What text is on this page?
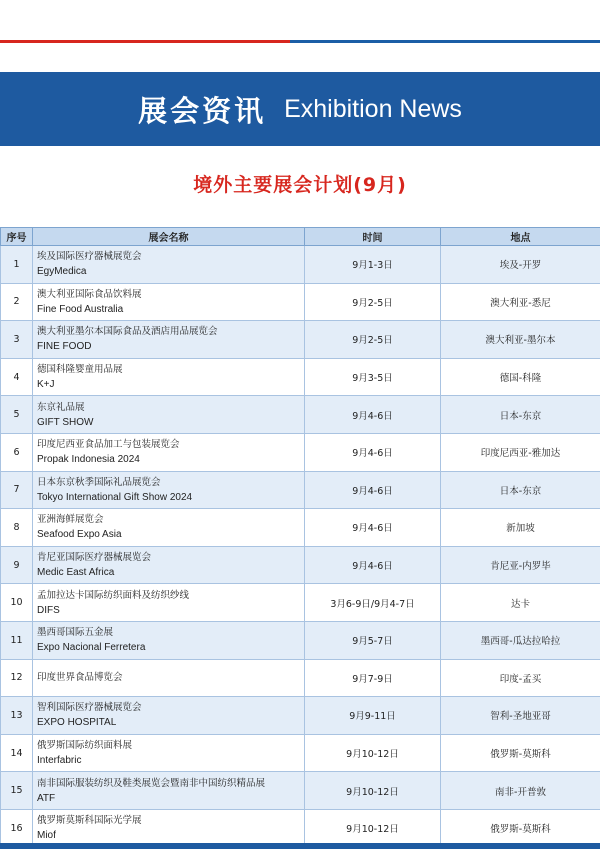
展会资讯 Exhibition News
境外主要展会计划(9月)
序号	展会名称	时间	地点
1	埃及国际医疗器械展览会
EgyMedica	9月1-3日	埃及-开罗
2	澳大利亚国际食品饮料展
Fine Food Australia	9月2-5日	澳大利亚-悉尼
3	澳大利亚墨尔本国际食品及酒店用品展览会
FINE FOOD	9月2-5日	澳大利亚-墨尔本
4	德国科隆婴童用品展
K+J	9月3-5日	德国-科隆
5	东京礼品展
GIFT SHOW	9月4-6日	日本-东京
6	印度尼西亚食品加工与包装展览会
Propak Indonesia 2024	9月4-6日	印度尼西亚-雅加达
7	日本东京秋季国际礼品展览会
Tokyo International Gift Show 2024	9月4-6日	日本-东京
8	亚洲海鲜展览会
Seafood Expo Asia	9月4-6日	新加坡
9	肯尼亚国际医疗器械展览会
Medic East Africa	9月4-6日	肯尼亚-内罗毕
10	孟加拉达卡国际纺织面料及纺织纱线
DIFS	3月6-9日/9月4-7日	达卡
11	墨西哥国际五金展
Expo Nacional Ferretera	9月5-7日	墨西哥-瓜达拉哈拉
12	印度世界食品博览会	9月7-9日	印度-孟买
13	智利国际医疗器械展览会
EXPO HOSPITAL	9月9-11日	智利-圣地亚哥
14	俄罗斯国际纺织面料展
Interfabric	9月10-12日	俄罗斯-莫斯科
15	南非国际服装纺织及鞋类展览会暨南非中国纺织精品展
ATF	9月10-12日	南非-开普敦
16	俄罗斯莫斯科国际光学展
Miof	9月10-12日	俄罗斯-莫斯科
